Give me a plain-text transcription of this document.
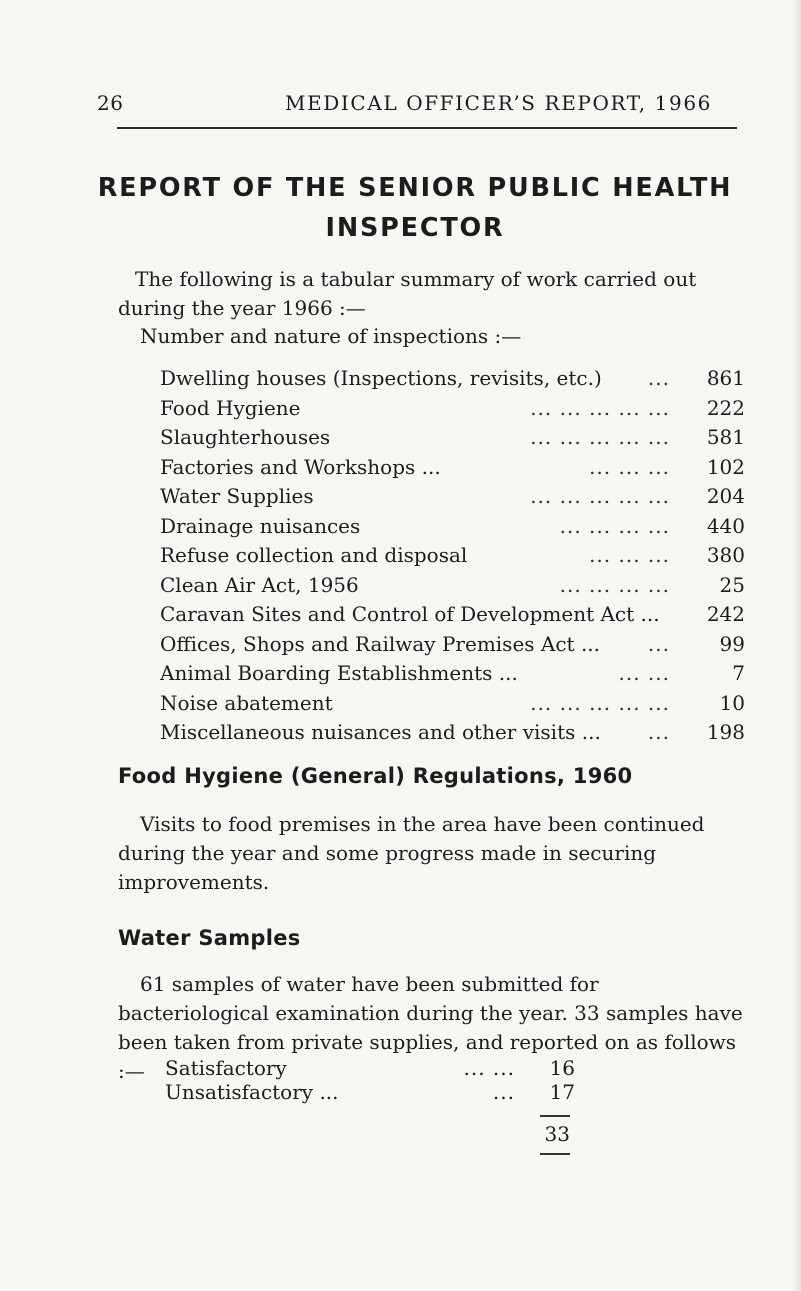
26	MEDICAL OFFICER’S REPORT, 1966
REPORT OF THE SENIOR PUBLIC HEALTH
INSPECTOR
The following is a tabular summary of work carried out during the year 1966 :—
Number and nature of inspections :—
Dwelling houses (Inspections, revisits, etc.) ...	861
Food Hygiene	... ... ... ... ...	222
Slaughterhouses	... ... ... ... ...	581
Factories and Workshops ...	... ... ...	102
Water Supplies	... ... ... ... ...	204
Drainage nuisances	... ... ... ...	440
Refuse collection and disposal	... ... ...	380
Clean Air Act, 1956	... ... ... ...	25
Caravan Sites and Control of Development Act ...	242
Offices, Shops and Railway Premises Act ... ...	99
Animal Boarding Establishments ...	... ...	7
Noise abatement	... ... ... ... ...	10
Miscellaneous nuisances and other visits ... ...	198
Food Hygiene (General) Regulations, 1960
Visits to food premises in the area have been continued during the year and some progress made in securing improvements.
Water Samples
61 samples of water have been submitted for bacteriological examination during the year. 33 samples have been taken from private supplies, and reported on as follows :—	Satisfactory	... ...	16
Unsatisfactory ...	...	17
33
